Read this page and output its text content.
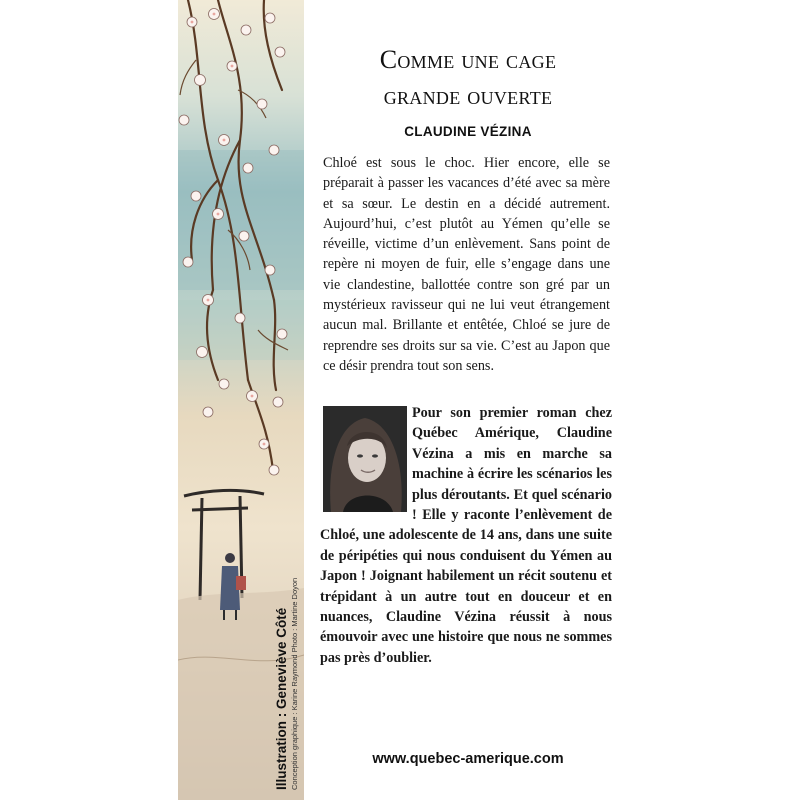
Illustration : Geneviève Côté Conception graphique : Karine Raymond Photo : Martine Doyon
Comme une cage
grande ouverte
CLAUDINE VÉZINA

Chloé est sous le choc. Hier encore, elle se préparait à passer les vacances d’été avec sa mère et sa sœur. Le destin en a décidé autrement. Aujourd’hui, c’est plutôt au Yémen qu’elle se réveille, victime d’un enlèvement. Sans point de repère ni moyen de fuir, elle s’engage dans une vie clandestine, ballottée contre son gré par un mystérieux ravisseur qui ne lui veut étrangement aucun mal. Brillante et entêtée, Chloé se jure de reprendre ses droits sur sa vie. C’est au Japon que ce désir prendra tout son sens.

Pour son premier roman chez Québec Amérique, Claudine Vézina a mis en marche sa machine à écrire les scénarios les plus déroutants. Et quel scénario ! Elle y raconte l’enlèvement de Chloé, une adolescente de 14 ans, dans une suite de péripéties qui nous conduisent du Yémen au Japon ! Joignant habilement un récit soutenu et trépidant à un autre tout en douceur et en nuances, Claudine Vézina réussit à nous émouvoir avec une histoire que nous ne sommes pas près d’oublier.

www.quebec-amerique.com
